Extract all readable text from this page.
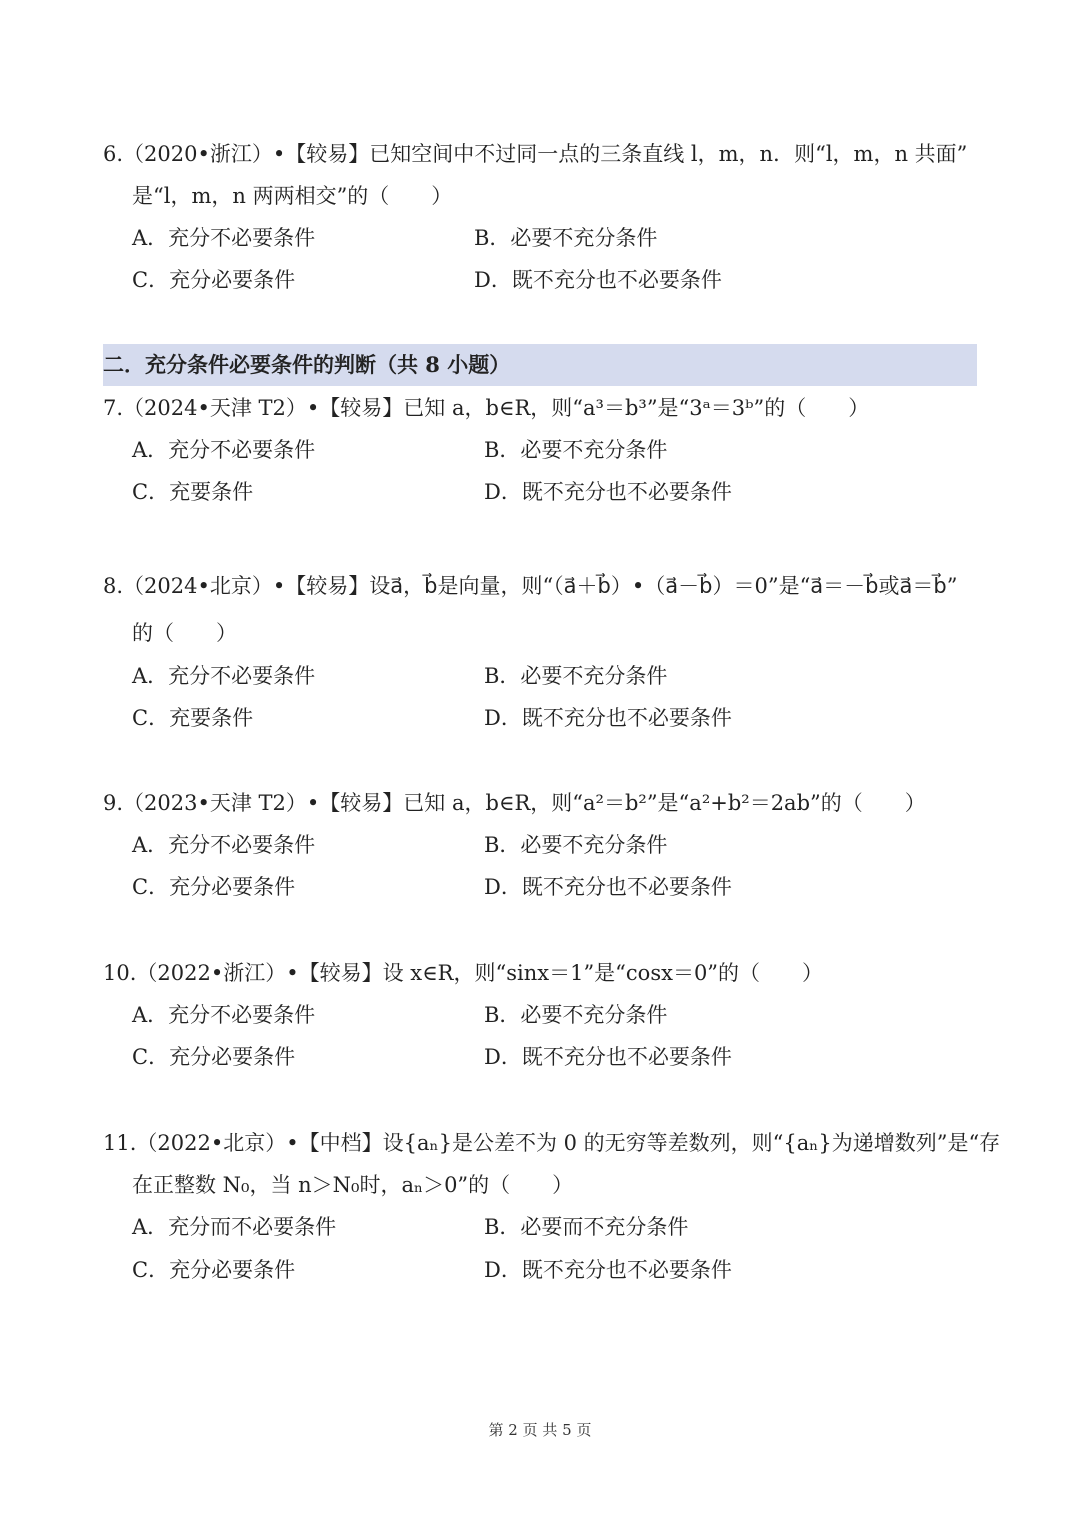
6.（2020•浙江）•【较易】已知空间中不过同一点的三条直线 l，m，n．则“l，m，n 共面”
是“l，m，n 两两相交”的（　　）
A．充分不必要条件	B．必要不充分条件
C．充分必要条件	D．既不充分也不必要条件
二．充分条件必要条件的判断（共 8 小题）
7.（2024•天津 T2）•【较易】已知 a，b∈R，则“a³＝b³”是“3ᵃ＝3ᵇ”的（　　）
A．充分不必要条件	B．必要不充分条件
C．充要条件	D．既不充分也不必要条件
8.（2024•北京）•【较易】设a⃗，b⃗是向量，则“（a⃗＋b⃗）•（a⃗－b⃗）＝0”是“a⃗＝－b⃗或a⃗＝b⃗”
的（　　）
A．充分不必要条件	B．必要不充分条件
C．充要条件	D．既不充分也不必要条件
9.（2023•天津 T2）•【较易】已知 a，b∈R，则“a²＝b²”是“a²+b²＝2ab”的（　　）
A．充分不必要条件	B．必要不充分条件
C．充分必要条件	D．既不充分也不必要条件
10.（2022•浙江）•【较易】设 x∈R，则“sinx＝1”是“cosx＝0”的（　　）
A．充分不必要条件	B．必要不充分条件
C．充分必要条件	D．既不充分也不必要条件
11.（2022•北京）•【中档】设{aₙ}是公差不为 0 的无穷等差数列，则“{aₙ}为递增数列”是“存
在正整数 N₀，当 n＞N₀时，aₙ＞0”的（　　）
A．充分而不必要条件	B．必要而不充分条件
C．充分必要条件	D．既不充分也不必要条件
第 2 页 共 5 页
